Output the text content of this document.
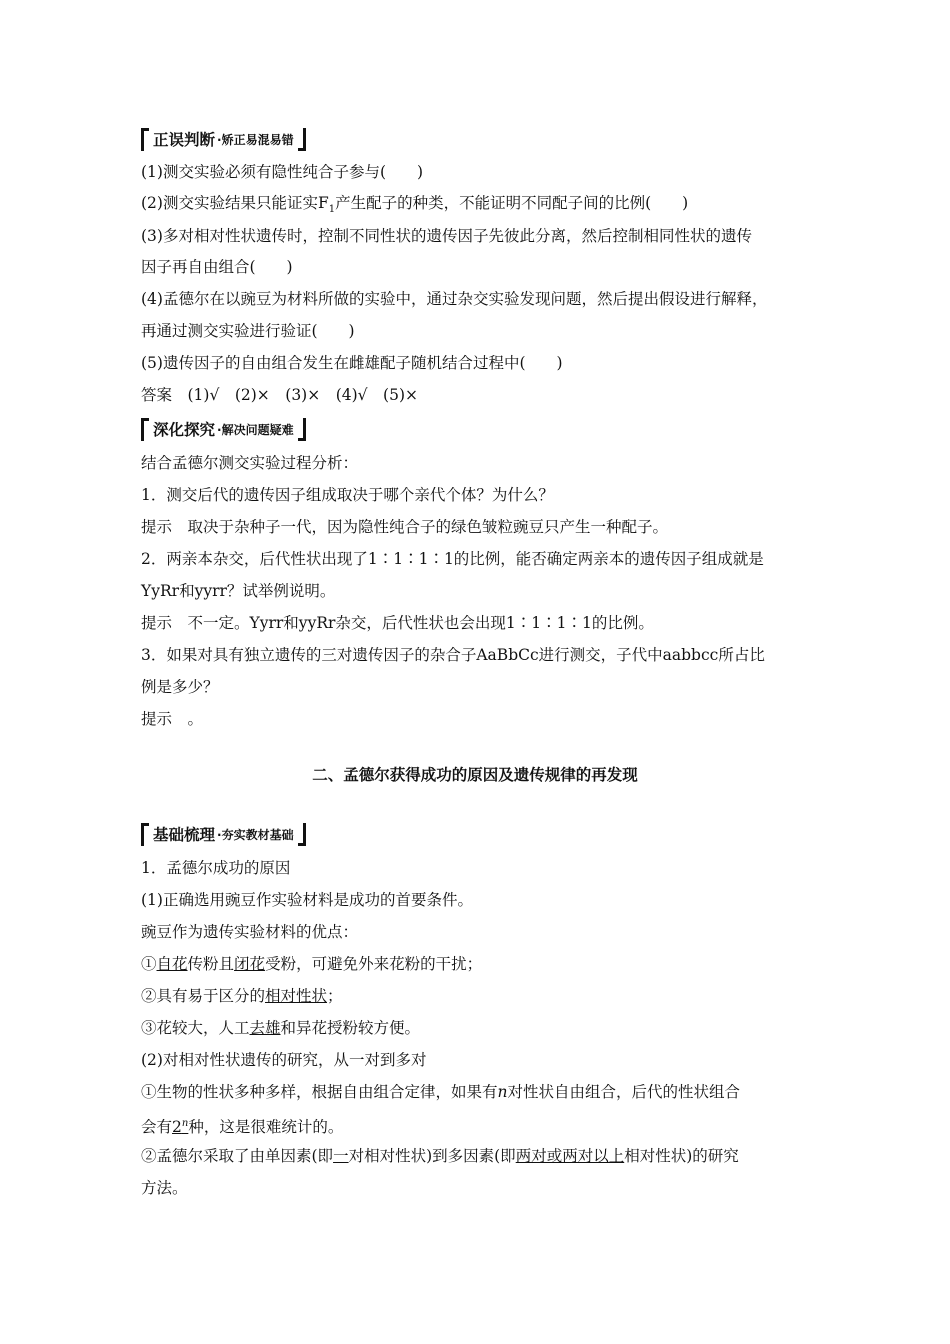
正误判断 ·矫正易混易错
(1)测交实验必须有隐性纯合子参与(　　)
(2)测交实验结果只能证实$F_1$产生配子的种类，不能证明不同配子间的比例(　　)
(3)多对相对性状遗传时，控制不同性状的遗传因子先彼此分离，然后控制相同性状的遗传
因子再自由组合(　　)
(4)孟德尔在以豌豆为材料所做的实验中，通过杂交实验发现问题，然后提出假设进行解释，
再通过测交实验进行验证(　　)
(5)遗传因子的自由组合发生在雌雄配子随机结合过程中(　　)
答案　(1)√　(2)×　(3)×　(4)√　(5)×
深化探究 ·解决问题疑难
结合孟德尔测交实验过程分析：
1．测交后代的遗传因子组成取决于哪个亲代个体？为什么？
提示　取决于杂种子一代，因为隐性纯合子的绿色皱粒豌豆只产生一种配子。
2．两亲本杂交，后代性状出现了1∶1∶1∶1的比例，能否确定两亲本的遗传因子组成就是
YyRr和yyrr？试举例说明。
提示　不一定。Yyrr和yyRr杂交，后代性状也会出现1∶1∶1∶1的比例。
3．如果对具有独立遗传的三对遗传因子的杂合子AaBbCc进行测交，子代中aabbcc所占比
例是多少？
提示　。
二、孟德尔获得成功的原因及遗传规律的再发现
基础梳理 ·夯实教材基础
1．孟德尔成功的原因
(1)正确选用豌豆作实验材料是成功的首要条件。
豌豆作为遗传实验材料的优点：
①自花传粉且闭花受粉，可避免外来花粉的干扰；
②具有易于区分的相对性状；
③花较大，人工去雄和异花授粉较方便。
(2)对相对性状遗传的研究，从一对到多对
①生物的性状多种多样，根据自由组合定律，如果有n对性状自由组合，后代的性状组合
会有2$^n$种，这是很难统计的。
②孟德尔采取了由单因素(即一对相对性状)到多因素(即两对或两对以上相对性状)的研究
方法。
